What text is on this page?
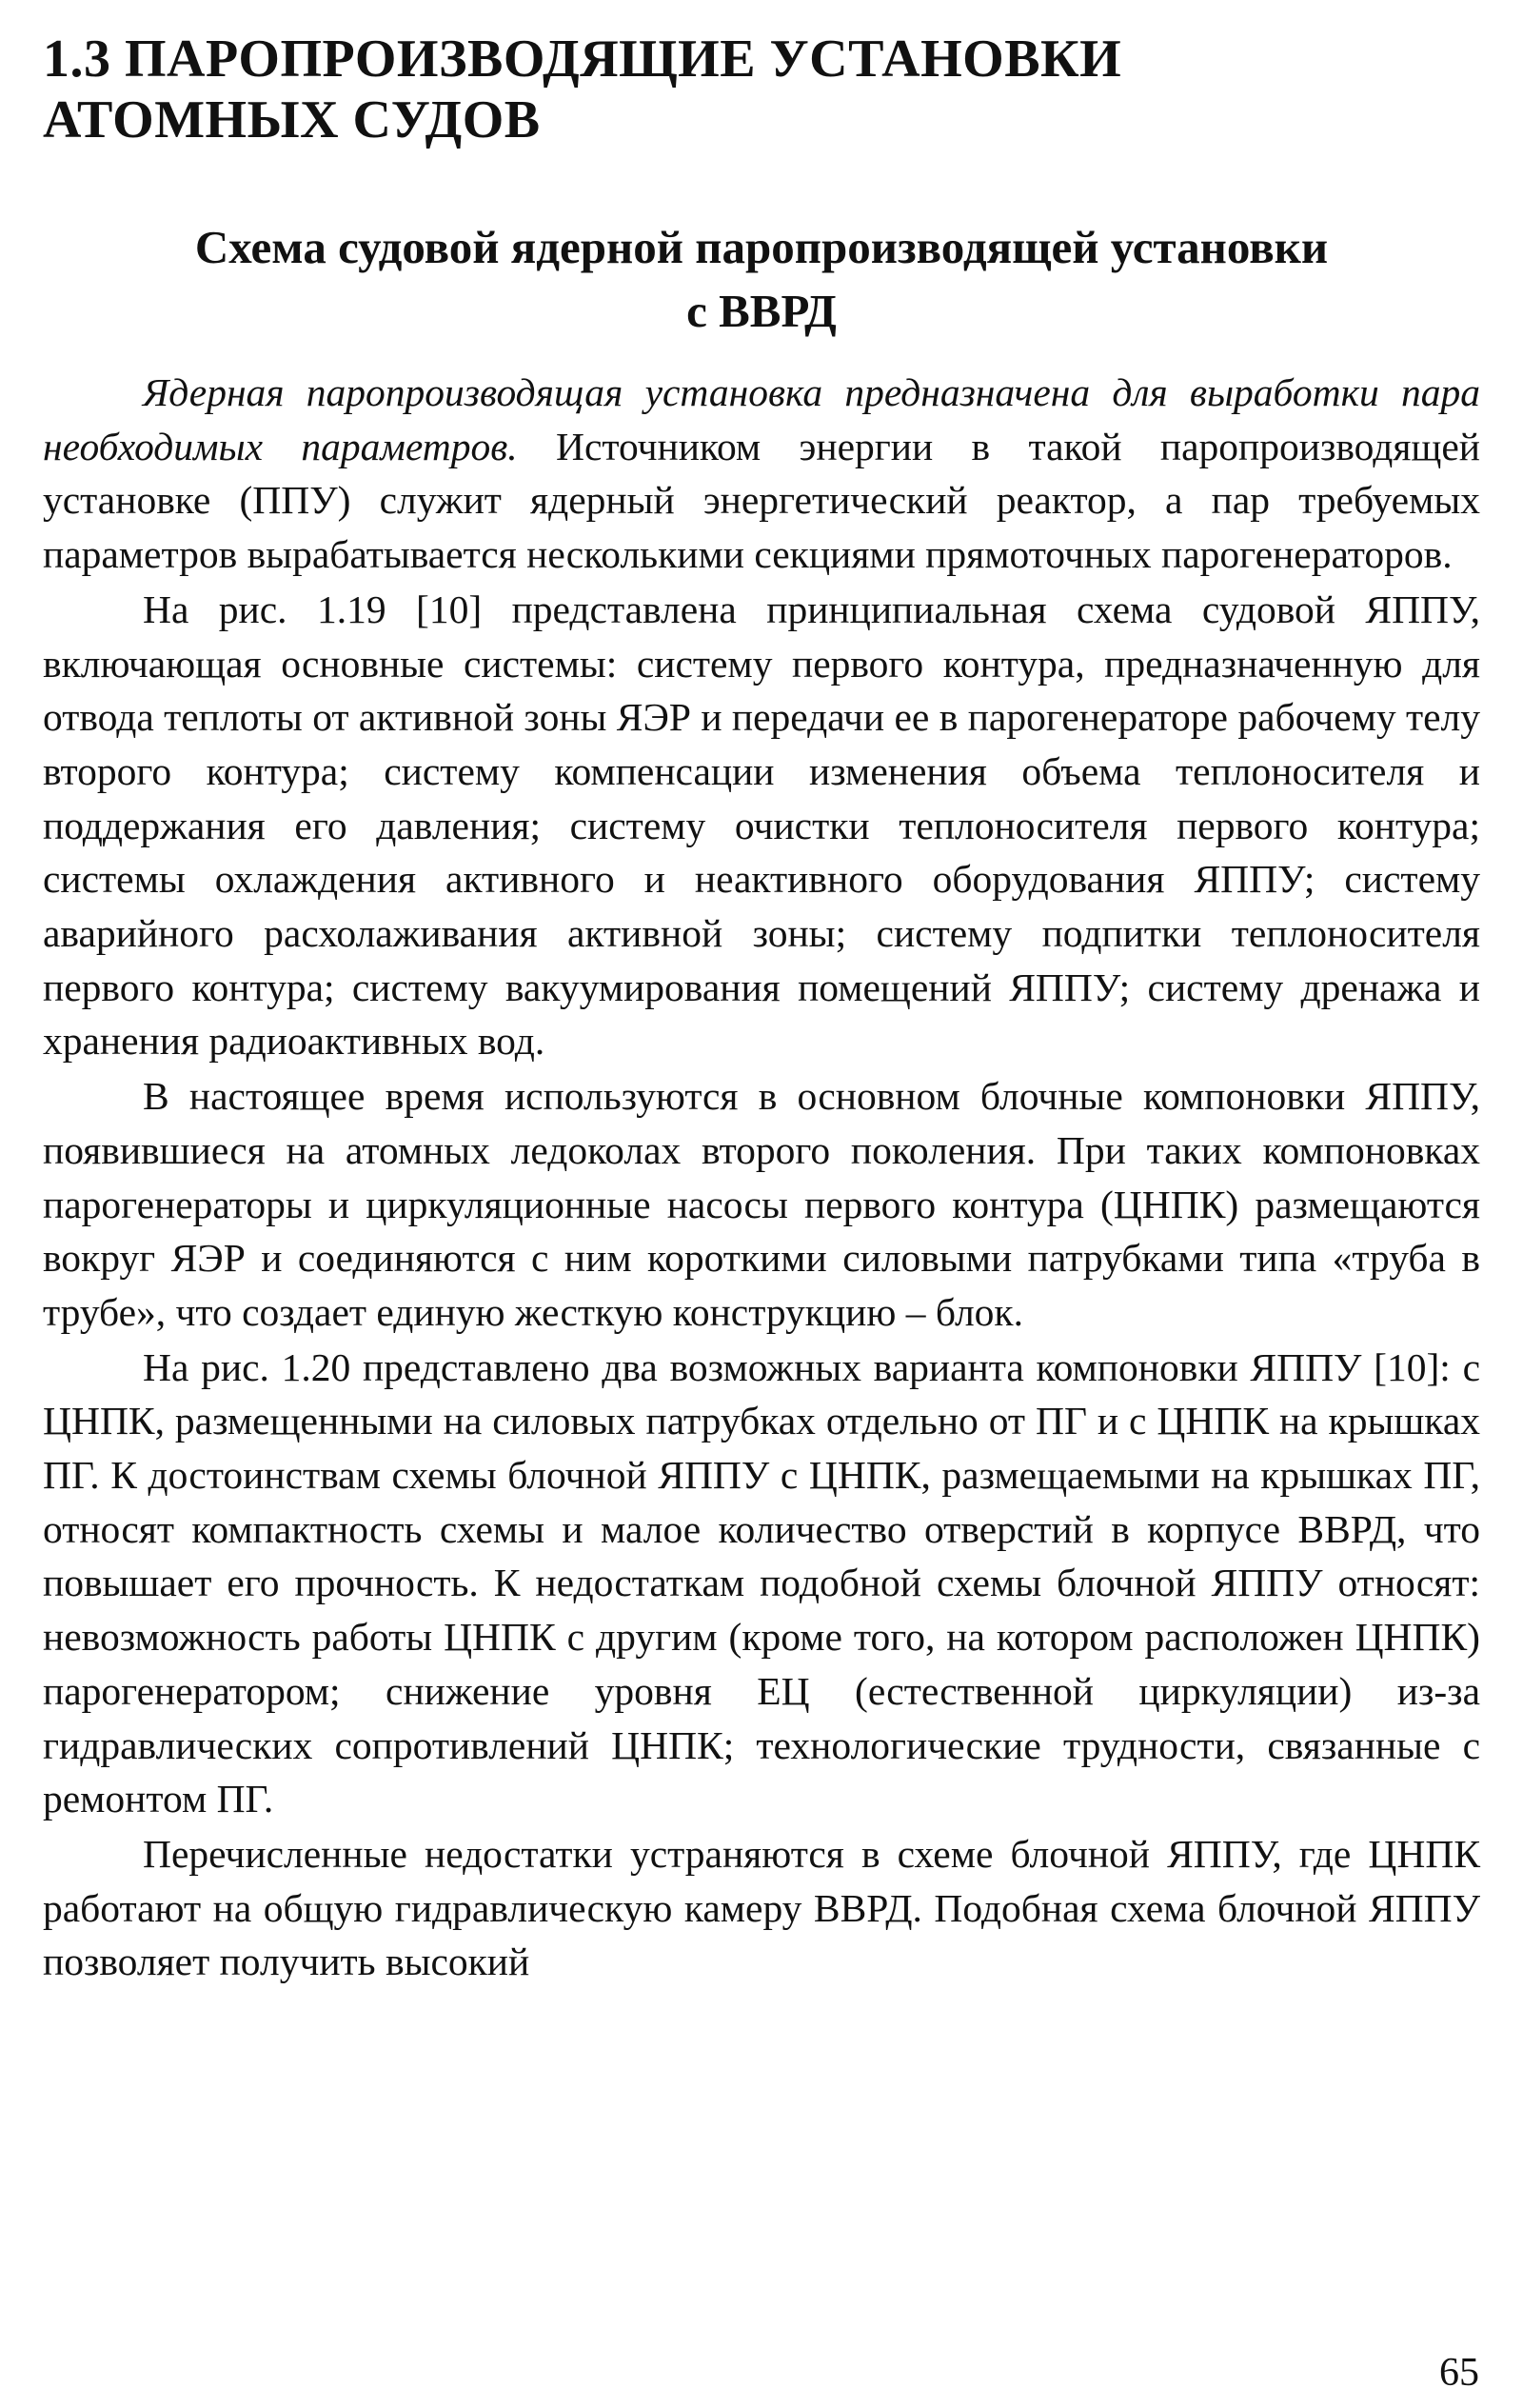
1.3 ПАРОПРОИЗВОДЯЩИЕ УСТАНОВКИ
АТОМНЫХ СУДОВ
Схема судовой ядерной паропроизводящей установки
с ВВРД

Ядерная паропроизводящая установка предназначена для выработки пара необходимых параметров. Источником энергии в такой паропроизводящей установке (ППУ) служит ядерный энергетический реактор, а пар требуемых параметров вырабатывается несколькими секциями прямоточных парогенераторов.

На рис. 1.19 [10] представлена принципиальная схема судовой ЯППУ, включающая основные системы: систему первого контура, предназначенную для отвода теплоты от активной зоны ЯЭР и передачи ее в парогенераторе рабочему телу второго контура; систему компенсации изменения объема теплоносителя и поддержания его давления; систему очистки теплоносителя первого контура; системы охлаждения активного и неактивного оборудования ЯППУ; систему аварийного расхолаживания активной зоны; систему подпитки теплоносителя первого контура; систему вакуумирования помещений ЯППУ; систему дренажа и хранения радиоактивных вод.

В настоящее время используются в основном блочные компоновки ЯППУ, появившиеся на атомных ледоколах второго поколения. При таких компоновках парогенераторы и циркуляционные насосы первого контура (ЦНПК) размещаются вокруг ЯЭР и соединяются с ним короткими силовыми патрубками типа «труба в трубе», что создает единую жесткую конструкцию – блок.

На рис. 1.20 представлено два возможных варианта компоновки ЯППУ [10]: с ЦНПК, размещенными на силовых патрубках отдельно от ПГ и с ЦНПК на крышках ПГ. К достоинствам схемы блочной ЯППУ с ЦНПК, размещаемыми на крышках ПГ, относят компактность схемы и малое количество отверстий в корпусе ВВРД, что повышает его прочность. К недостаткам подобной схемы блочной ЯППУ относят: невозможность работы ЦНПК с другим (кроме того, на котором расположен ЦНПК) парогенератором; снижение уровня ЕЦ (естественной циркуляции) из-за гидравлических сопротивлений ЦНПК; технологические трудности, связанные с ремонтом ПГ.

Перечисленные недостатки устраняются в схеме блочной ЯППУ, где ЦНПК работают на общую гидравлическую камеру ВВРД. Подобная схема блочной ЯППУ позволяет получить высокий

65
